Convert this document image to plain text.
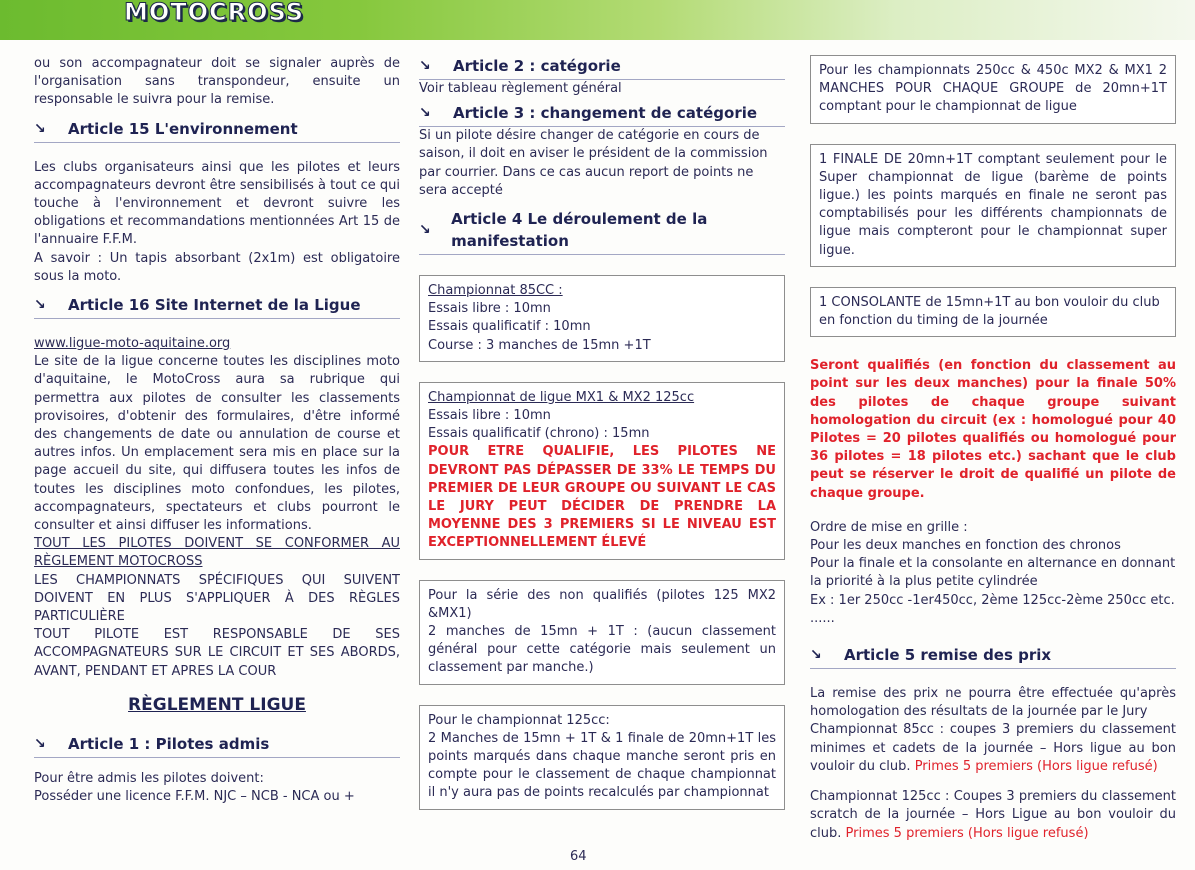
MOTOCROSS

ou son accompagnateur doit se signaler auprès de l'organisation sans transpondeur, ensuite un responsable le suivra pour la remise.

↘ Article 15 L'environnement

Les clubs organisateurs ainsi que les pilotes et leurs accompagnateurs devront être sensibilisés à tout ce qui touche à l'environnement et devront suivre les obligations et recommandations mentionnées Art 15 de l'annuaire F.F.M.

A savoir : Un tapis absorbant (2x1m) est obligatoire sous la moto.

↘ Article 16 Site Internet de la Ligue

www.ligue-moto-aquitaine.org

Le site de la ligue concerne toutes les disciplines moto d'aquitaine, le MotoCross aura sa rubrique qui permettra aux pilotes de consulter les classements provisoires, d'obtenir des formulaires, d'être informé des changements de date ou annulation de course et autres infos. Un emplacement sera mis en place sur la page accueil du site, qui diffusera toutes les infos de toutes les disciplines moto confondues, les pilotes, accompagnateurs, spectateurs et clubs pourront le consulter et ainsi diffuser les informations.

TOUT LES PILOTES DOIVENT SE CONFORMER AU RÈGLEMENT MOTOCROSS

LES CHAMPIONNATS SPÉCIFIQUES QUI SUIVENT DOIVENT EN PLUS S'APPLIQUER À DES RÈGLES PARTICULIÈRE

TOUT PILOTE EST RESPONSABLE DE SES ACCOMPAGNATEURS SUR LE CIRCUIT ET SES ABORDS, AVANT, PENDANT ET APRES LA COUR

RÈGLEMENT LIGUE
↘ Article 1 : Pilotes admis

Pour être admis les pilotes doivent:

Posséder une licence F.F.M. NJC – NCB - NCA ou +

↘ Article 2 : catégorie

Voir tableau règlement général

↘ Article 3 : changement de catégorie

Si un pilote désire changer de catégorie en cours de saison, il doit en aviser le président de la commission par courrier. Dans ce cas aucun report de points ne sera accepté

↘
Article 4 Le déroulement de la manifestation

Championnat 85CC :

Essais libre : 10mn

Essais qualificatif : 10mn

Course : 3 manches de 15mn +1T

Championnat de ligue MX1 & MX2 125cc

Essais libre : 10mn

Essais qualificatif (chrono) : 15mn

POUR ETRE QUALIFIE, LES PILOTES NE DEVRONT PAS DÉPASSER DE 33% LE TEMPS DU PREMIER DE LEUR GROUPE OU SUIVANT LE CAS LE JURY PEUT DÉCIDER DE PRENDRE LA MOYENNE DES 3 PREMIERS SI LE NIVEAU EST EXCEPTIONNELLEMENT ÉLEVÉ

Pour la série des non qualifiés (pilotes 125 MX2 &MX1)

2 manches de 15mn + 1T : (aucun classement général pour cette catégorie mais seulement un classement par manche.)

Pour le championnat 125cc:

2 Manches de 15mn + 1T & 1 finale de 20mn+1T les points marqués dans chaque manche seront pris en compte pour le classement de chaque championnat il n'y aura pas de points recalculés par championnat

Pour les championnats 250cc & 450c MX2 & MX1 2 MANCHES POUR CHAQUE GROUPE de 20mn+1T comptant pour le championnat de ligue

1 FINALE DE 20mn+1T comptant seulement pour le Super championnat de ligue (barème de points ligue.) les points marqués en finale ne seront pas comptabilisés pour les différents championnats de ligue mais compteront pour le championnat super ligue.

1 CONSOLANTE de 15mn+1T au bon vouloir du club en fonction du timing de la journée

Seront qualifiés (en fonction du classement au point sur les deux manches) pour la finale 50% des pilotes de chaque groupe suivant homologation du circuit (ex : homologué pour 40 Pilotes = 20 pilotes qualifiés ou homologué pour 36 pilotes = 18 pilotes etc.) sachant que le club peut se réserver le droit de qualifié un pilote de chaque groupe.

Ordre de mise en grille :

Pour les deux manches en fonction des chronos

Pour la finale et la consolante en alternance en donnant la priorité à la plus petite cylindrée

Ex : 1er 250cc -1er450cc, 2ème 125cc-2ème 250cc etc. ......

↘ Article 5 remise des prix

La remise des prix ne pourra être effectuée qu'après homologation des résultats de la journée par le Jury

Championnat 85cc : coupes 3 premiers du classement minimes et cadets de la journée – Hors ligue au bon vouloir du club. Primes 5 premiers (Hors ligue refusé)

Championnat 125cc : Coupes 3 premiers du classement scratch de la journée – Hors Ligue au bon vouloir du club. Primes 5 premiers (Hors ligue refusé)

64
